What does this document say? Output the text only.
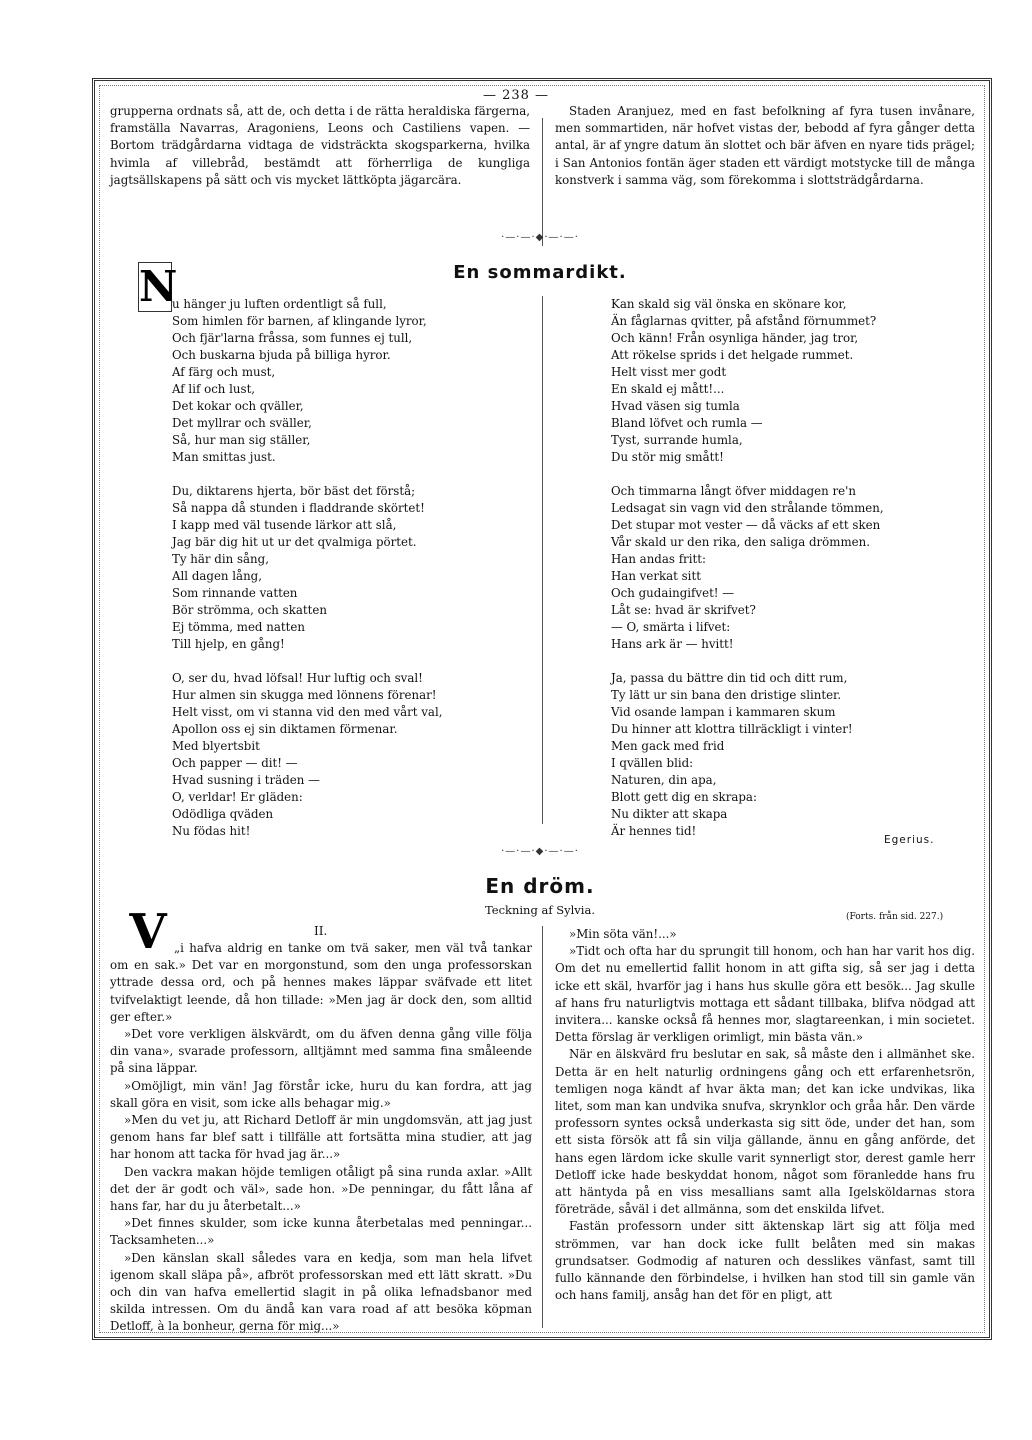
— 238 —

grupperna ordnats så, att de, och detta i de rätta heraldiska färgerna, framställa Navarras, Aragoniens, Leons och Castiliens vapen. — Bortom trädgårdarna vidtaga de vidsträckta skogsparkerna, hvilka hvimla af villebråd, bestämdt att förherrliga de kungliga jagtsällskapens på sätt och vis mycket lättköpta jägarcära.

Staden Aranjuez, med en fast befolkning af fyra tusen invånare, men sommartiden, när hofvet vistas der, bebodd af fyra gånger detta antal, är af yngre datum än slottet och bär äfven en nyare tids prägel; i San Antonios fontän äger staden ett värdigt motstycke till de många konstverk i samma väg, som förekomma i slottsträdgårdarna.

·—·—·◆·—·—·
En sommardikt.
N
u hänger ju luften ordentligt så full,
Som himlen för barnen, af klingande lyror,
Och fjär'larna fråssa, som funnes ej tull,
Och buskarna bjuda på billiga hyror.
Af färg och must,
Af lif och lust,
Det kokar och qväller,
Det myllrar och sväller,
Så, hur man sig ställer,
Man smittas just.
Du, diktarens hjerta, bör bäst det förstå;
Så nappa då stunden i fladdrande skörtet!
I kapp med väl tusende lärkor att slå,
Jag bär dig hit ut ur det qvalmiga pörtet.
Ty här din sång,
All dagen lång,
Som rinnande vatten
Bör strömma, och skatten
Ej tömma, med natten
Till hjelp, en gång!
O, ser du, hvad löfsal! Hur luftig och sval!
Hur almen sin skugga med lönnens förenar!
Helt visst, om vi stanna vid den med vårt val,
Apollon oss ej sin diktamen förmenar.
Med blyertsbit
Och papper — dit! —
Hvad susning i träden —
O, verldar! Er gläden:
Odödliga qväden
Nu födas hit!
Kan skald sig väl önska en skönare kor,
Än fåglarnas qvitter, på afstånd förnummet?
Och känn! Från osynliga händer, jag tror,
Att rökelse sprids i det helgade rummet.
Helt visst mer godt
En skald ej mått!...
Hvad väsen sig tumla
Bland löfvet och rumla —
Tyst, surrande humla,
Du stör mig smått!
Och timmarna långt öfver middagen re'n
Ledsagat sin vagn vid den strålande tömmen,
Det stupar mot vester — då väcks af ett sken
Vår skald ur den rika, den saliga drömmen.
Han andas fritt:
Han verkat sitt
Och gudaingifvet! —
Låt se: hvad är skrifvet?
— O, smärta i lifvet:
Hans ark är — hvitt!
Ja, passa du bättre din tid och ditt rum,
Ty lätt ur sin bana den dristige slinter.
Vid osande lampan i kammaren skum
Du hinner att klottra tillräckligt i vinter!
Men gack med frid
I qvällen blid:
Naturen, din apa,
Blott gett dig en skrapa:
Nu dikter att skapa
Är hennes tid!
Egerius.
·—·—·◆·—·—·
En dröm.
Teckning af Sylvia.	(Forts. från sid. 227.)
II.
V „i hafva aldrig en tanke om tvä saker, men väl två tankar om en sak.» Det var en morgonstund, som den unga professorskan yttrade dessa ord, och på hennes makes läppar sväfvade ett litet tvifvelaktigt leende, då hon tillade: »Men jag är dock den, som alltid ger efter.»

»Det vore verkligen älskvärdt, om du äfven denna gång ville följa din vana», svarade professorn, alltjämnt med samma fina småleende på sina läppar.

»Omöjligt, min vän! Jag förstår icke, huru du kan fordra, att jag skall göra en visit, som icke alls behagar mig.»

»Men du vet ju, att Richard Detloff är min ungdomsvän, att jag just genom hans far blef satt i tillfälle att fortsätta mina studier, att jag har honom att tacka för hvad jag är...»

Den vackra makan höjde temligen otåligt på sina runda axlar. »Allt det der är godt och väl», sade hon. »De penningar, du fått låna af hans far, har du ju återbetalt...»

»Det finnes skulder, som icke kunna återbetalas med penningar... Tacksamheten...»

»Den känslan skall således vara en kedja, som man hela lifvet igenom skall släpa på», afbröt professorskan med ett lätt skratt. »Du och din van hafva emellertid slagit in på olika lefnadsbanor med skilda intressen. Om du ändå kan vara road af att besöka köpman Detloff, à la bonheur, gerna för mig...»

»Min söta vän!...»

»Tidt och ofta har du sprungit till honom, och han har varit hos dig. Om det nu emellertid fallit honom in att gifta sig, så ser jag i detta icke ett skäl, hvarför jag i hans hus skulle göra ett besök... Jag skulle af hans fru naturligtvis mottaga ett sådant tillbaka, blifva nödgad att invitera... kanske också få hennes mor, slagtareenkan, i min societet. Detta förslag är verkligen orimligt, min bästa vän.»

När en älskvärd fru beslutar en sak, så måste den i allmänhet ske. Detta är en helt naturlig ordningens gång och ett erfarenhetsrön, temligen noga kändt af hvar äkta man; det kan icke undvikas, lika litet, som man kan undvika snufva, skrynklor och gråa hår. Den värde professorn syntes också underkasta sig sitt öde, under det han, som ett sista försök att få sin vilja gällande, ännu en gång anförde, det hans egen lärdom icke skulle varit synnerligt stor, derest gamle herr Detloff icke hade beskyddat honom, något som föranledde hans fru att häntyda på en viss mesallians samt alla Igelsköldarnas stora företräde, såväl i det allmänna, som det enskilda lifvet.

Fastän professorn under sitt äktenskap lärt sig att följa med strömmen, var han dock icke fullt belåten med sin makas grundsatser. Godmodig af naturen och desslikes vänfast, samt till fullo kännande den förbindelse, i hvilken han stod till sin gamle vän och hans familj, ansåg han det för en pligt, att
